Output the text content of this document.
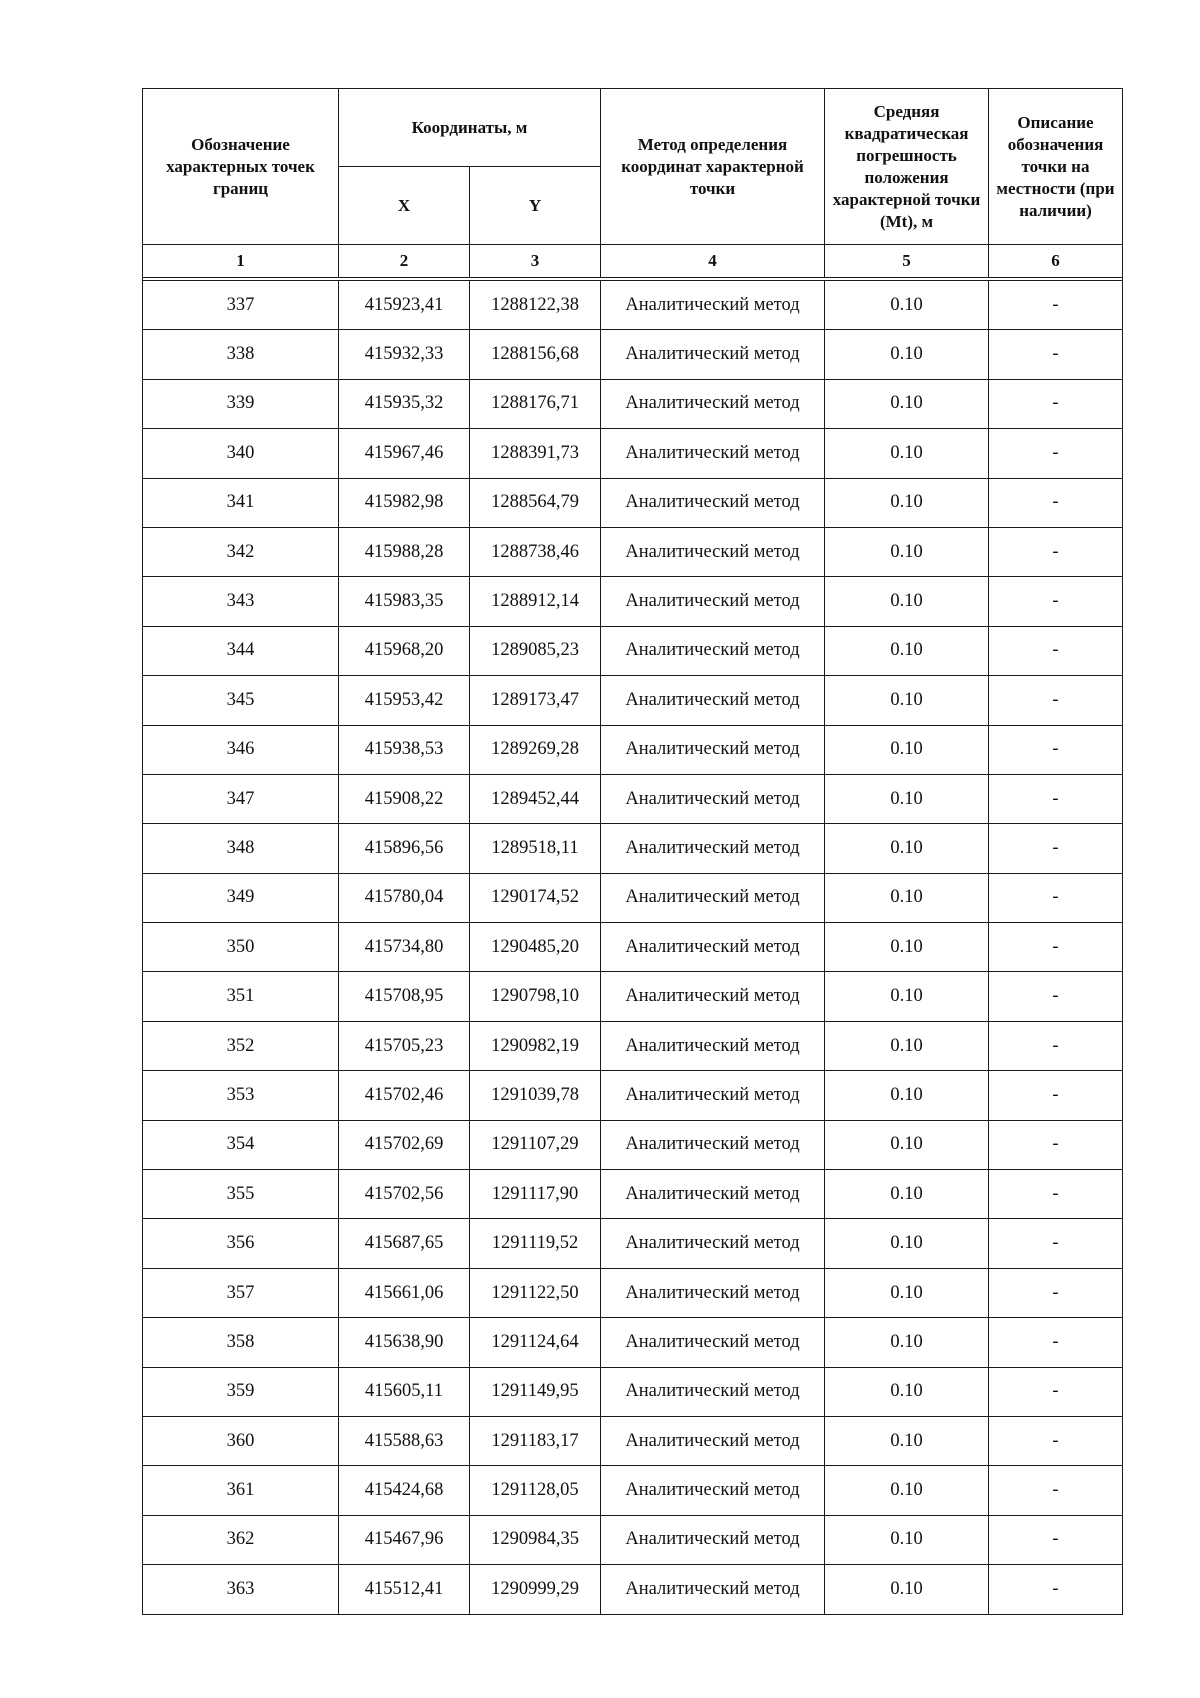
Обозначение характерных точек границ	Координаты, м		Метод определения координат характерной точки	Средняя квадратическая погрешность положения характерной точки (Mt), м	Описание обозначения точки на местности (при наличии)
	X	Y			
1	2	3	4	5	6

337	415923,41	1288122,38	Аналитический метод	0.10	-
338	415932,33	1288156,68	Аналитический метод	0.10	-
339	415935,32	1288176,71	Аналитический метод	0.10	-
340	415967,46	1288391,73	Аналитический метод	0.10	-
341	415982,98	1288564,79	Аналитический метод	0.10	-
342	415988,28	1288738,46	Аналитический метод	0.10	-
343	415983,35	1288912,14	Аналитический метод	0.10	-
344	415968,20	1289085,23	Аналитический метод	0.10	-
345	415953,42	1289173,47	Аналитический метод	0.10	-
346	415938,53	1289269,28	Аналитический метод	0.10	-
347	415908,22	1289452,44	Аналитический метод	0.10	-
348	415896,56	1289518,11	Аналитический метод	0.10	-
349	415780,04	1290174,52	Аналитический метод	0.10	-
350	415734,80	1290485,20	Аналитический метод	0.10	-
351	415708,95	1290798,10	Аналитический метод	0.10	-
352	415705,23	1290982,19	Аналитический метод	0.10	-
353	415702,46	1291039,78	Аналитический метод	0.10	-
354	415702,69	1291107,29	Аналитический метод	0.10	-
355	415702,56	1291117,90	Аналитический метод	0.10	-
356	415687,65	1291119,52	Аналитический метод	0.10	-
357	415661,06	1291122,50	Аналитический метод	0.10	-
358	415638,90	1291124,64	Аналитический метод	0.10	-
359	415605,11	1291149,95	Аналитический метод	0.10	-
360	415588,63	1291183,17	Аналитический метод	0.10	-
361	415424,68	1291128,05	Аналитический метод	0.10	-
362	415467,96	1290984,35	Аналитический метод	0.10	-
363	415512,41	1290999,29	Аналитический метод	0.10	-
